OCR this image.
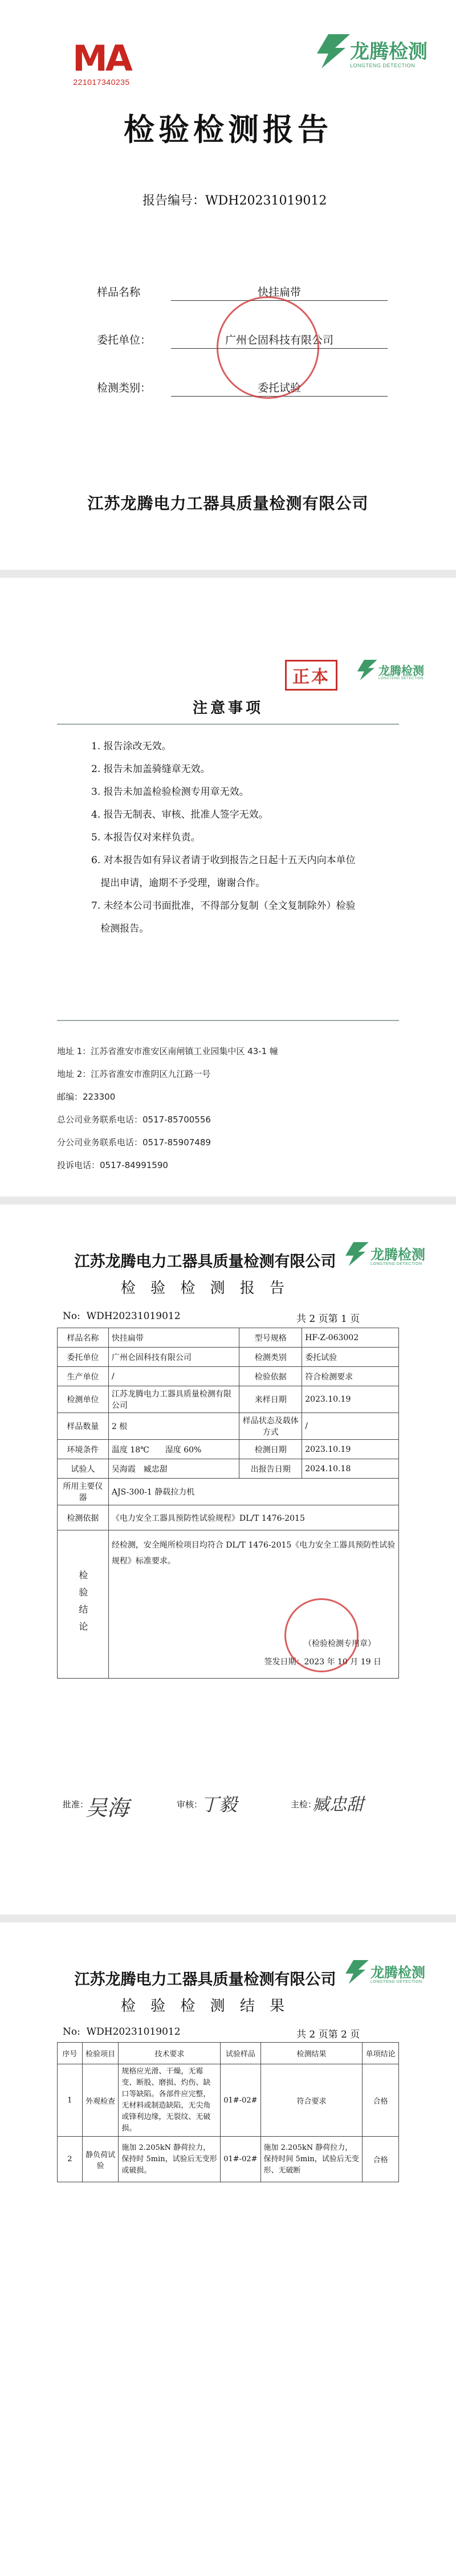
MA
221017340235
龙腾检测
LONGTENG DETECTION
检验检测报告
报告编号：WDH20231019012
样品名称	快挂扁带
委托单位：	广州仑固科技有限公司
检测类别：	委托试验
江苏龙腾电力工器具质量检测有限公司
正本	龙腾检测
LONGTENG DETECTION
注意事项
1. 报告涂改无效。
2. 报告未加盖骑缝章无效。
3. 报告未加盖检验检测专用章无效。
4. 报告无制表、审核、批准人签字无效。
5. 本报告仅对来样负责。
6. 对本报告如有异议者请于收到报告之日起十五天内向本单位
提出申请，逾期不予受理，谢谢合作。
7. 未经本公司书面批准，不得部分复制（全文复制除外）检验
检测报告。
地址 1：江苏省淮安市淮安区南闸镇工业园集中区 43-1 幢
地址 2：江苏省淮安市淮阴区九江路一号
邮编：223300
总公司业务联系电话：0517-85700556
分公司业务联系电话：0517-85907489
投诉电话：0517-84991590
江苏龙腾电力工器具质量检测有限公司	龙腾检测
LONGTENG DETECTION
检 验 检 测 报 告
No: WDH20231019012	共 2 页第 1 页
样品名称	快挂扁带	型号规格	HF-Z-063002
委托单位	广州仑固科技有限公司	检测类别	委托试验
生产单位	/	检验依据	符合检测要求
检测单位	江苏龙腾电力工器具质量检测有限公司	来样日期	2023.10.19
样品数量	2 根	样品状态及载体方式	/
环境条件	温度 18℃　　湿度 60%	检测日期	2023.10.19
试验人	吴海霞　臧忠甜	出报告日期	2024.10.18
所用主要仪器	AJS-300-1 静载拉力机		
检测依据	《电力安全工器具预防性试验规程》DL/T 1476-2015		
检验结论	经检测，安全绳所检项目均符合 DL/T 1476-2015《电力安全工器具预防性试验规程》标准要求。
（检验检测专用章）
签发日期：2023 年 10 月 19 日		
批准：
吴海	审核：
丁毅	主检：
臧忠甜
江苏龙腾电力工器具质量检测有限公司	龙腾检测
LONGTENG DETECTION
检 验 检 测 结 果
No: WDH20231019012	共 2 页第 2 页
序号	检验项目	技术要求	试验样品	检测结果	单项结论
1	外观检查	规格应光滑、干燥，无霉变、断股、磨损、灼伤、缺口等缺陷。各部件应完整，无材料或制造缺陷，无尖角或锋利边缘，无裂纹、无破损。	01#-02#	符合要求	合格
2	静负荷试验	施加 2.205kN 静荷拉力，保持时 5min，试验后无变形或破损。	01#-02#	施加 2.205kN 静荷拉力，保持时间 5min，试验后无变形、无破断	合格
